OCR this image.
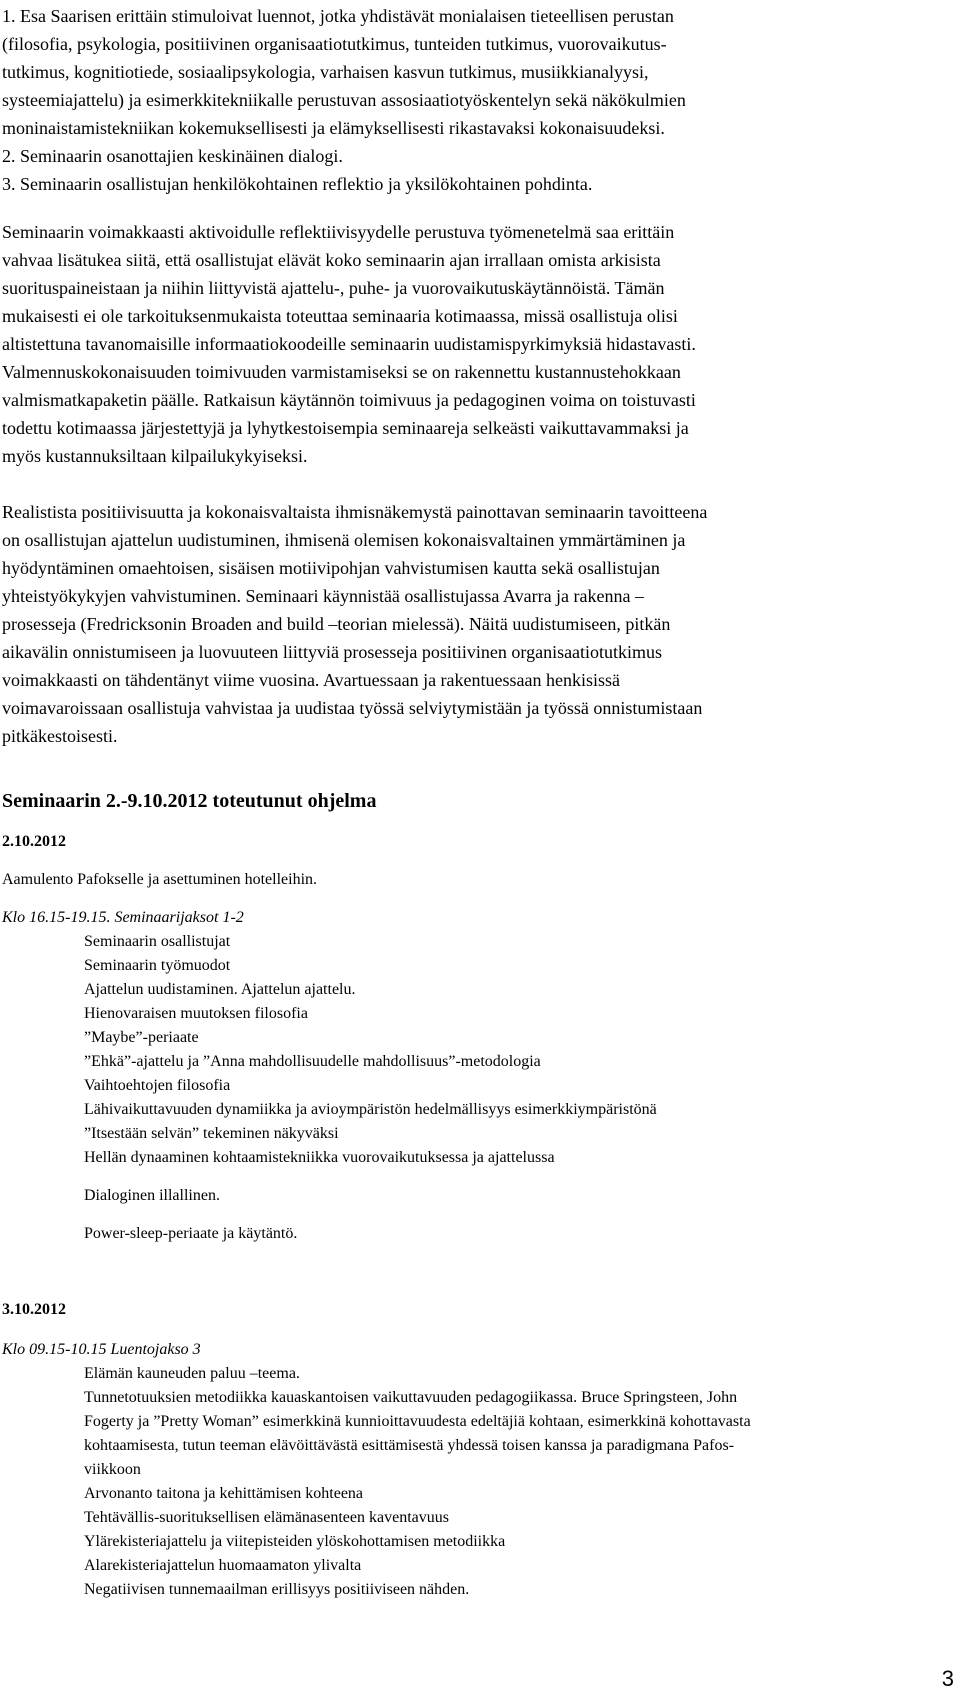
1. Esa Saarisen erittäin stimuloivat luennot, jotka yhdistävät monialaisen tieteellisen perustan
(filosofia, psykologia, positiivinen organisaatiotutkimus, tunteiden tutkimus, vuorovaikutus-
tutkimus, kognitiotiede, sosiaalipsykologia, varhaisen kasvun tutkimus, musiikkianalyysi,
systeemiajattelu) ja esimerkkitekniikalle perustuvan assosiaatiotyöskentelyn sekä näkökulmien
moninaistamistekniikan kokemuksellisesti ja elämyksellisesti rikastavaksi kokonaisuudeksi.
2. Seminaarin osanottajien keskinäinen dialogi.
3. Seminaarin osallistujan henkilökohtainen reflektio ja yksilökohtainen pohdinta.
Seminaarin voimakkaasti aktivoidulle reflektiivisyydelle perustuva työmenetelmä saa erittäin
vahvaa lisätukea siitä, että osallistujat elävät koko seminaarin ajan irrallaan omista arkisista
suorituspaineistaan ja niihin liittyvistä ajattelu-, puhe- ja vuorovaikutuskäytännöistä. Tämän
mukaisesti ei ole tarkoituksenmukaista toteuttaa seminaaria kotimaassa, missä osallistuja olisi
altistettuna tavanomaisille informaatiokoodeille seminaarin uudistamispyrkimyksiä hidastavasti.
Valmennuskokonaisuuden toimivuuden varmistamiseksi se on rakennettu kustannustehokkaan
valmismatkapaketin päälle. Ratkaisun käytännön toimivuus ja pedagoginen voima on toistuvasti
todettu kotimaassa järjestettyjä ja lyhytkestoisempia seminaareja selkeästi vaikuttavammaksi ja
myös kustannuksiltaan kilpailukykyiseksi.
Realistista positiivisuutta ja kokonaisvaltaista ihmisnäkemystä painottavan seminaarin tavoitteena
on osallistujan ajattelun uudistuminen, ihmisenä olemisen kokonaisvaltainen ymmärtäminen ja
hyödyntäminen omaehtoisen, sisäisen motiivipohjan vahvistumisen kautta sekä osallistujan
yhteistyökykyjen vahvistuminen. Seminaari käynnistää osallistujassa Avarra ja rakenna –
prosesseja (Fredricksonin Broaden and build –teorian mielessä). Näitä uudistumiseen, pitkän
aikavälin onnistumiseen ja luovuuteen liittyviä prosesseja positiivinen organisaatiotutkimus
voimakkaasti on tähdentänyt viime vuosina. Avartuessaan ja rakentuessaan henkisissä
voimavaroissaan osallistuja vahvistaa ja uudistaa työssä selviytymistään ja työssä onnistumistaan
pitkäkestoisesti.
Seminaarin 2.-9.10.2012 toteutunut ohjelma
2.10.2012
Aamulento Pafokselle ja asettuminen hotelleihin.
Klo 16.15-19.15. Seminaarijaksot 1-2
Seminaarin osallistujat
Seminaarin työmuodot
Ajattelun uudistaminen. Ajattelun ajattelu.
Hienovaraisen muutoksen filosofia
”Maybe”-periaate
”Ehkä”-ajattelu ja ”Anna mahdollisuudelle mahdollisuus”-metodologia
Vaihtoehtojen filosofia
Lähivaikuttavuuden dynamiikka ja avioympäristön hedelmällisyys esimerkkiympäristönä
”Itsestään selvän” tekeminen näkyväksi
Hellän dynaaminen kohtaamistekniikka vuorovaikutuksessa ja ajattelussa
Dialoginen illallinen.
Power-sleep-periaate ja käytäntö.
3.10.2012
Klo 09.15-10.15 Luentojakso 3
Elämän kauneuden paluu –teema.
Tunnetotuuksien metodiikka kauaskantoisen vaikuttavuuden pedagogiikassa. Bruce Springsteen, John
Fogerty ja ”Pretty Woman” esimerkkinä kunnioittavuudesta edeltäjiä kohtaan, esimerkkinä kohottavasta
kohtaamisesta, tutun teeman elävöittävästä esittämisestä yhdessä toisen kanssa ja paradigmana Pafos-
viikkoon
Arvonanto taitona ja kehittämisen kohteena
Tehtävällis-suorituksellisen elämänasenteen kaventavuus
Ylärekisteriajattelu ja viitepisteiden ylöskohottamisen metodiikka
Alarekisteriajattelun huomaamaton ylivalta
Negatiivisen tunnemaailman erillisyys positiiviseen nähden.
3
